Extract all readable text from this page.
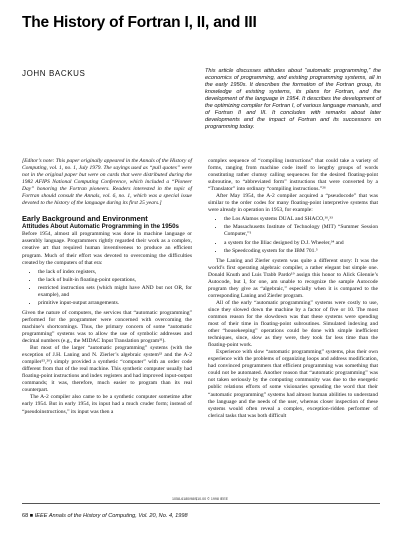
The History of Fortran I, II, and III
JOHN BACKUS	This article discusses attitudes about “automatic programming,” the economics of programming, and existing programming systems, all in the early 1950s. It describes the formation of the Fortran group, its knowledge of existing systems, its plans for Fortran, and the development of the language in 1954. It describes the development of the optimizing compiler for Fortran I, of various language manuals, and of Fortran II and III. It concludes with remarks about later developments and the impact of Fortran and its successors on programming today.

[Editor’s note: This paper originally appeared in the Annals of the History of Computing, vol. 1, no. 1, July 1979. The sayings used as “pull quotes” were not in the original paper but were on cards that were distributed during the 1982 AFIPS National Computing Conference, which included a “Pioneer Day” honoring the Fortran pioneers. Readers interested in the topic of Fortran should consult the Annals, vol. 6, no. 1, which was a special issue devoted to the history of the language during its first 25 years.]

Early Background and Environment
Attitudes About Automatic Programming in the 1950s

Before 1954, almost all programming was done in machine language or assembly language. Programmers rightly regarded their work as a complex, creative art that required human inventiveness to produce an efficient program. Much of their effort was devoted to overcoming the difficulties created by the computers of that era:

• the lack of index registers,
• the lack of built-in floating-point operations,
• restricted instruction sets (which might have AND but not OR, for example), and
• primitive input-output arrangements.

Given the nature of computers, the services that “automatic programming” performed for the programmer were concerned with overcoming the machine’s shortcomings. Thus, the primary concern of some “automatic programming” systems was to allow the use of symbolic addresses and decimal numbers (e.g., the MIDAC Input Translation program³¹).

But most of the larger “automatic programming” systems (with the exception of J.H. Laning and N. Zierler’s algebraic system³² and the A-2 compiler²⁵,²⁶) simply provided a synthetic “computer” with an order code different from that of the real machine. This synthetic computer usually had floating-point instructions and index registers and had improved input-output commands; it was, therefore, much easier to program than its real counterpart.

The A-2 compiler also came to be a synthetic computer sometime after early 1954. But in early 1954, its input had a much cruder form; instead of “pseudoinstructions,” its input was then a

complex sequence of “compiling instructions” that could take a variety of forms, ranging from machine code itself to lengthy groups of words constituting rather clumsy calling sequences for the desired floating-point subroutine, to “abbreviated form” instructions that were converted by a “Translator” into ordinary “compiling instructions.”²⁶

After May 1954, the A-2 compiler acquired a “pseudocode” that was similar to the order codes for many floating-point interpretive systems that were already in operation in 1953, for example:

• the Los Alamos systems DUAL and SHACO,¹⁶,³³
• the Massachusetts Institute of Technology (MIT) “Summer Session Computer,”¹
• a system for the Illiac designed by D.J. Wheeler,³⁴ and
• the Speedcoding system for the IBM 701.⁵

The Laning and Zierler system was quite a different story: It was the world’s first operating algebraic compiler, a rather elegant but simple one. Donald Knuth and Luis Trabb Pardo¹⁹ assign this honor to Alick Glennie’s Autocode, but I, for one, am unable to recognize the sample Autocode program they give as “algebraic,” especially when it is compared to the corresponding Laning and Zierler program.

All of the early “automatic programming” systems were costly to use, since they slowed down the machine by a factor of five or 10. The most common reason for the slowdown was that these systems were spending most of their time in floating-point subroutines. Simulated indexing and other “housekeeping” operations could be done with simple inefficient techniques, since, slow as they were, they took far less time than the floating-point work.

Experience with slow “automatic programming” systems, plus their own experience with the problems of organizing loops and address modification, had convinced programmers that efficient programming was something that could not be automated. Another reason that “automatic programming” was not taken seriously by the computing community was due to the energetic public relations efforts of some visionaries spreading the word that their “automatic programming” systems had almost human abilities to understand the language and the needs of the user, whereas closer inspection of these systems would often reveal a complex, exception-ridden performer of clerical tasks that was both difficult

1058-6180/98/$10.00 © 1998 IEEE
68 ■ IEEE Annals of the History of Computing, Vol. 20, No. 4, 1998
